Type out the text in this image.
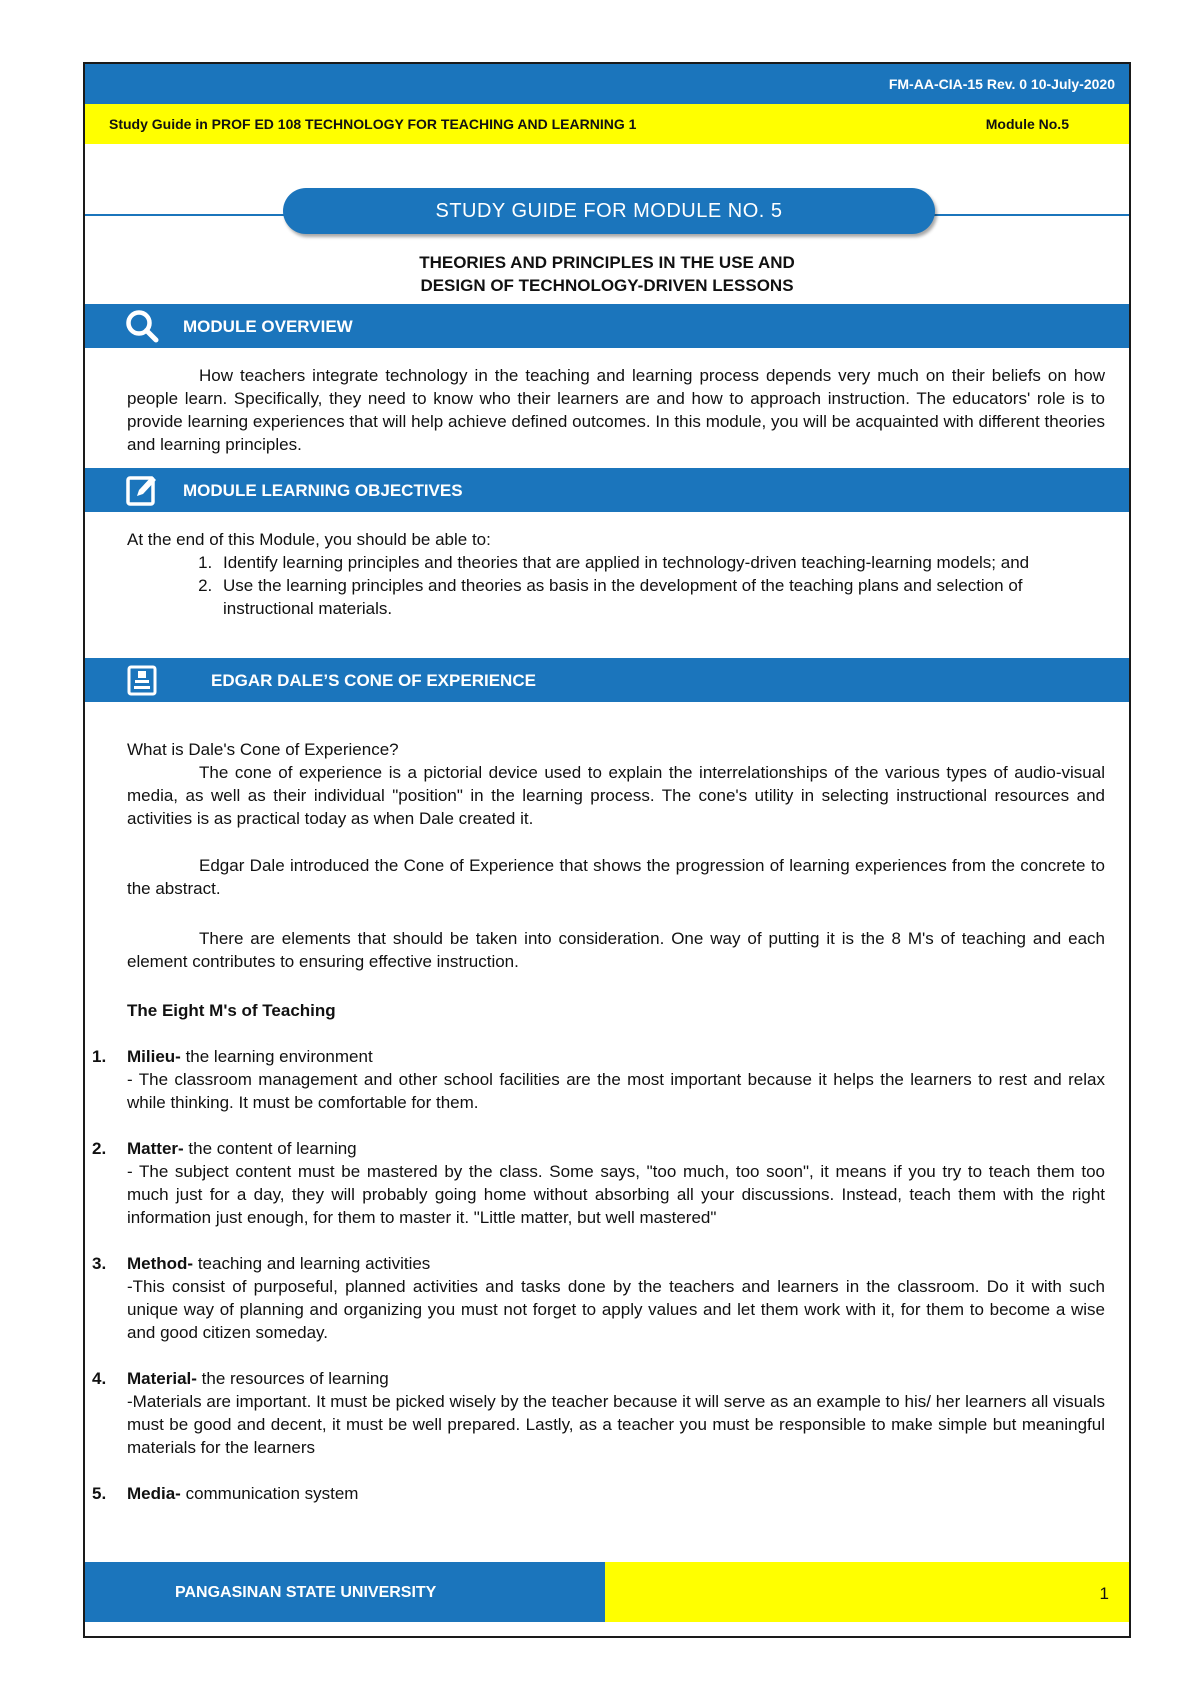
FM-AA-CIA-15 Rev. 0 10-July-2020
Study Guide in PROF ED 108 TECHNOLOGY FOR TEACHING AND LEARNING 1	Module No.5
STUDY GUIDE FOR MODULE NO. 5
THEORIES AND PRINCIPLES IN THE USE AND
DESIGN OF TECHNOLOGY-DRIVEN LESSONS
MODULE OVERVIEW
How teachers integrate technology in the teaching and learning process depends very much on their beliefs on how people learn. Specifically, they need to know who their learners are and how to approach instruction. The educators' role is to provide learning experiences that will help achieve defined outcomes. In this module, you will be acquainted with different theories and learning principles.
MODULE LEARNING OBJECTIVES
At the end of this Module, you should be able to:
1. Identify learning principles and theories that are applied in technology-driven teaching-learning models; and
2. Use the learning principles and theories as basis in the development of the teaching plans and selection of instructional materials.
EDGAR DALE’S CONE OF EXPERIENCE
What is Dale's Cone of Experience?
The cone of experience is a pictorial device used to explain the interrelationships of the various types of audio-visual media, as well as their individual "position" in the learning process. The cone's utility in selecting instructional resources and activities is as practical today as when Dale created it.
Edgar Dale introduced the Cone of Experience that shows the progression of learning experiences from the concrete to the abstract.
There are elements that should be taken into consideration. One way of putting it is the 8 M's of teaching and each element contributes to ensuring effective instruction.
The Eight M's of Teaching
1. Milieu- the learning environment
- The classroom management and other school facilities are the most important because it helps the learners to rest and relax while thinking. It must be comfortable for them.
2. Matter- the content of learning
- The subject content must be mastered by the class. Some says, "too much, too soon", it means if you try to teach them too much just for a day, they will probably going home without absorbing all your discussions. Instead, teach them with the right information just enough, for them to master it. "Little matter, but well mastered"
3. Method- teaching and learning activities
-This consist of purposeful, planned activities and tasks done by the teachers and learners in the classroom. Do it with such unique way of planning and organizing you must not forget to apply values and let them work with it, for them to become a wise and good citizen someday.
4. Material- the resources of learning
-Materials are important. It must be picked wisely by the teacher because it will serve as an example to his/ her learners all visuals must be good and decent, it must be well prepared. Lastly, as a teacher you must be responsible to make simple but meaningful materials for the learners
5. Media- communication system
PANGASINAN STATE UNIVERSITY	1
